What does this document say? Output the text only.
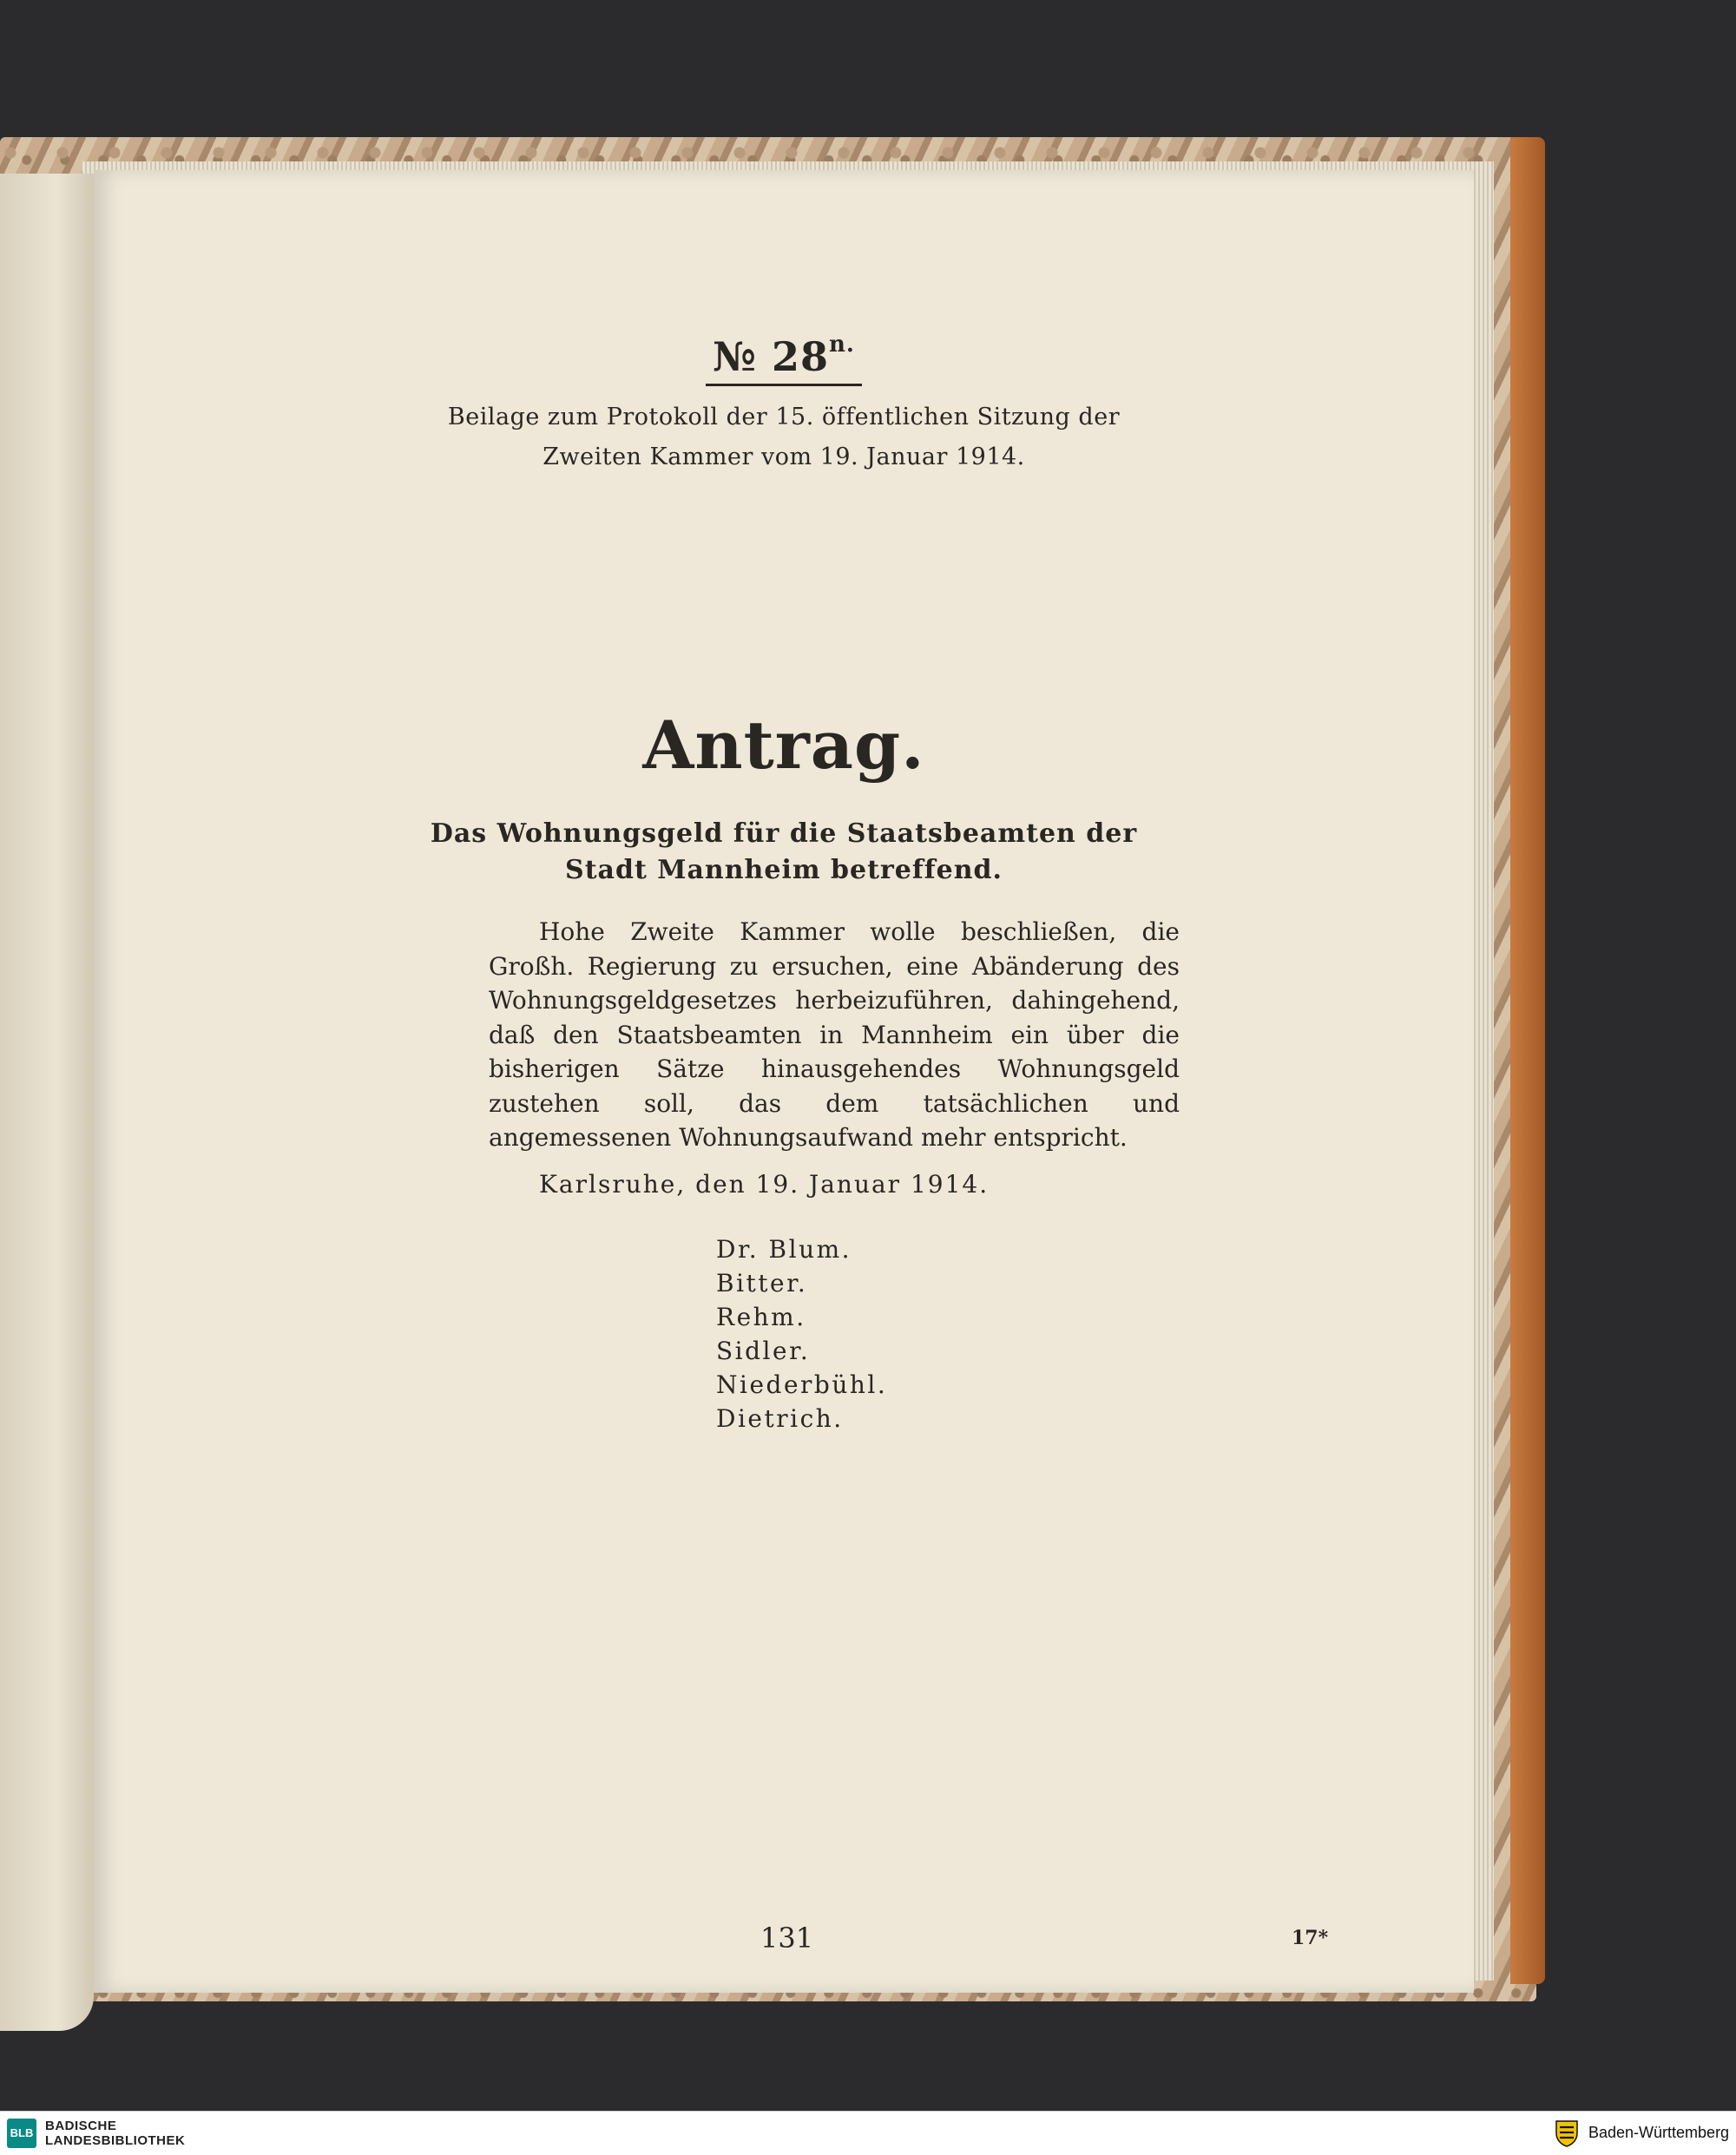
№ $28^{n.}$
Beilage zum Protokoll der 15. öffentlichen Sitzung der
Zweiten Kammer vom 19. Januar 1914.
Antrag.
Das Wohnungsgeld für die Staatsbeamten der
Stadt Mannheim betreffend.
Hohe Zweite Kammer wolle beschließen, die Großh. Regierung zu ersuchen, eine Abänderung des Wohnungsgeldgesetzes herbeizuführen, dahingehend, daß den Staatsbeamten in Mannheim ein über die bisherigen Sätze hinausgehendes Wohnungsgeld zustehen soll, das dem tatsächlichen und angemessenen Wohnungsaufwand mehr entspricht.
Karlsruhe, den 19. Januar 1914.
Dr. Blum.
Bitter.
Rehm.
Sidler.
Niederbühl.
Dietrich.
131	17*
BLB BADISCHE
LANDESBIBLIOTHEK	Baden-Württemberg
